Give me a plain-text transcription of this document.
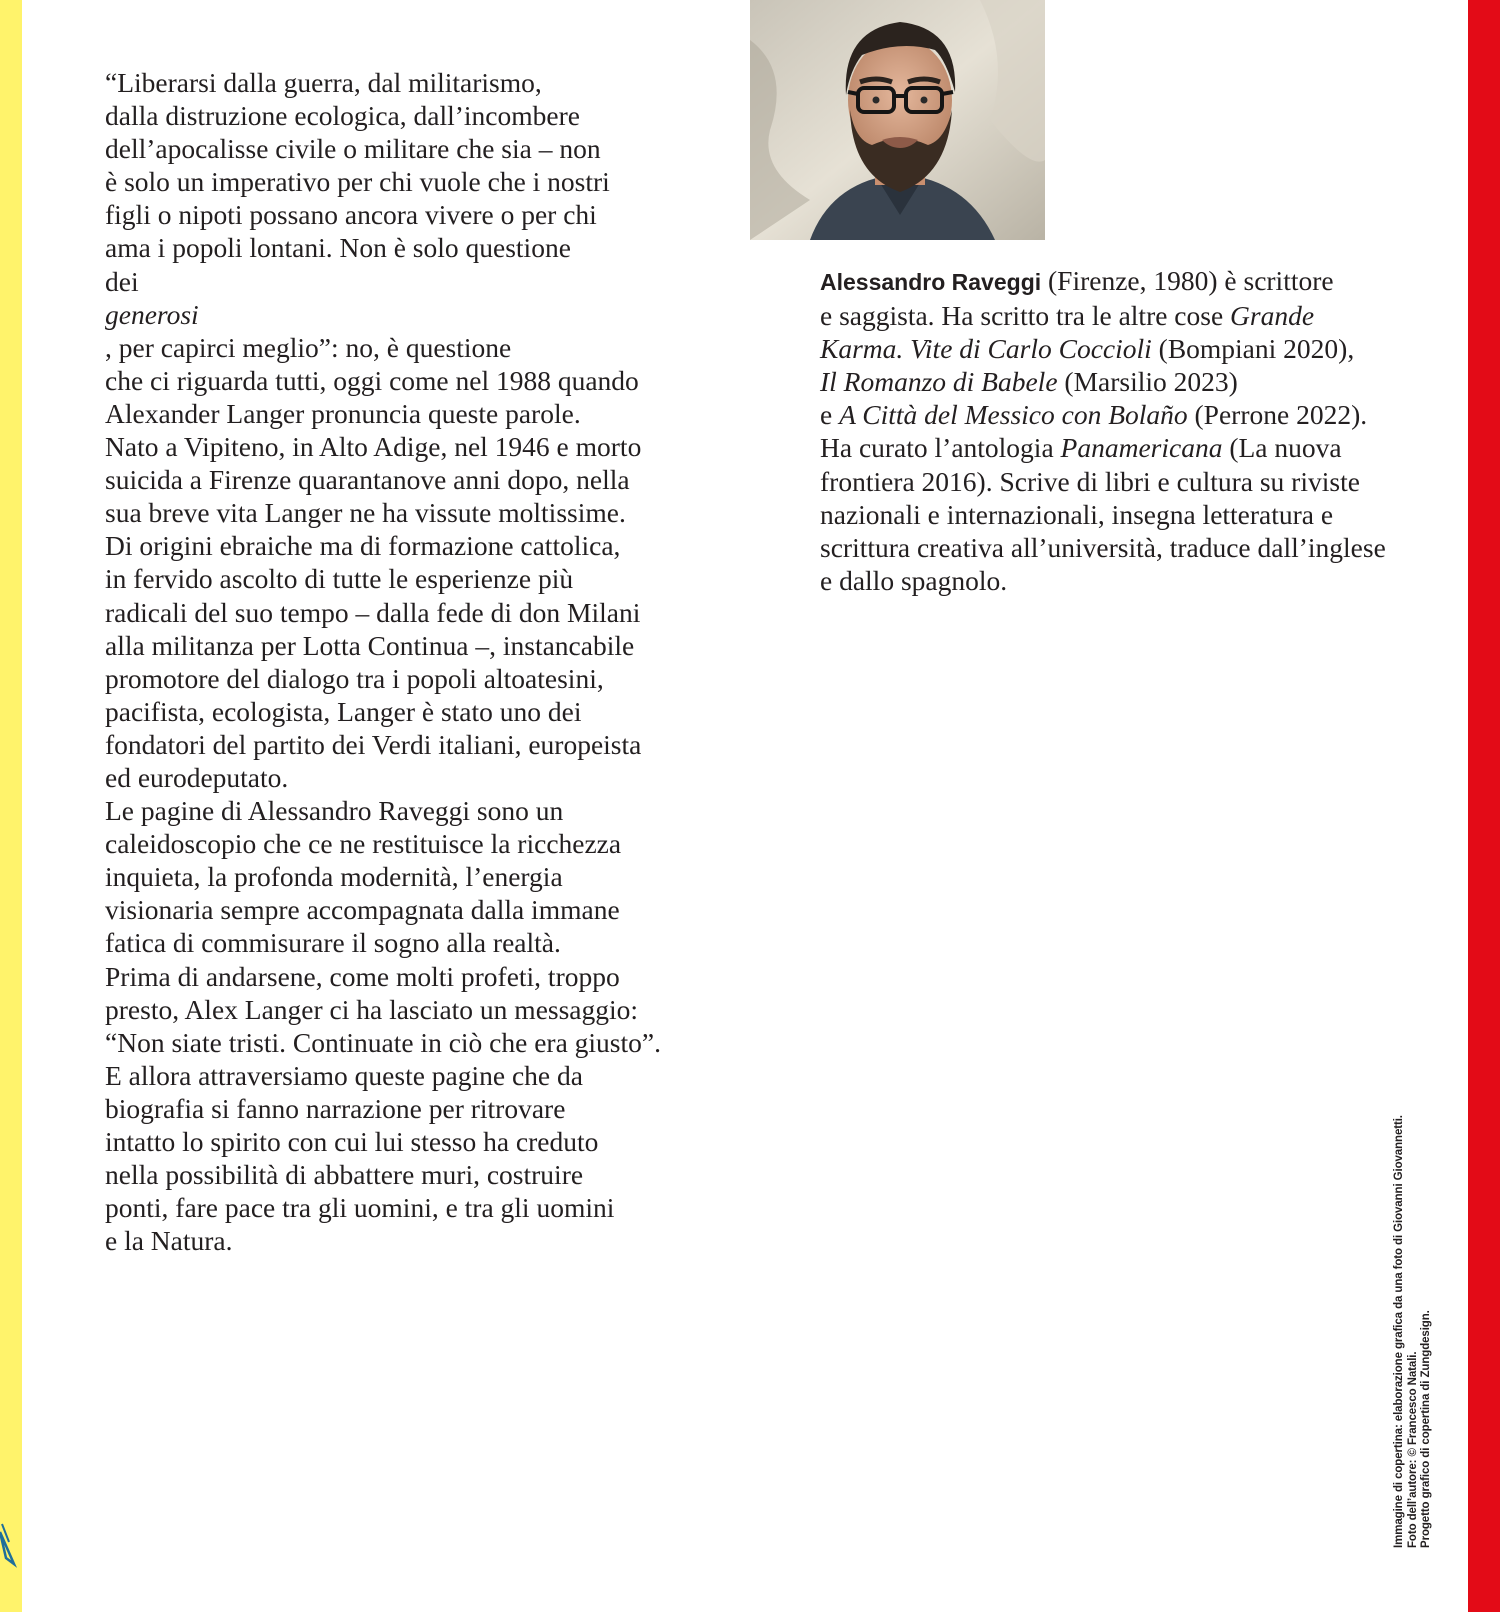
“Liberarsi dalla guerra, dal militarismo,
dalla distruzione ecologica, dall’incombere
dell’apocalisse civile o militare che sia – non
è solo un imperativo per chi vuole che i nostri
figli o nipoti possano ancora vivere o per chi
ama i popoli lontani. Non è solo questione
dei
generosi
, per capirci meglio”: no, è questione
che ci riguarda tutti, oggi come nel 1988 quando
Alexander Langer pronuncia queste parole.
Nato a Vipiteno, in Alto Adige, nel 1946 e morto
suicida a Firenze quarantanove anni dopo, nella
sua breve vita Langer ne ha vissute moltissime.
Di origini ebraiche ma di formazione cattolica,
in fervido ascolto di tutte le esperienze più
radicali del suo tempo – dalla fede di don Milani
alla militanza per Lotta Continua –, instancabile
promotore del dialogo tra i popoli altoatesini,
pacifista, ecologista, Langer è stato uno dei
fondatori del partito dei Verdi italiani, europeista
ed eurodeputato.
Le pagine di Alessandro Raveggi sono un
caleidoscopio che ce ne restituisce la ricchezza
inquieta, la profonda modernità, l’energia
visionaria sempre accompagnata dalla immane
fatica di commisurare il sogno alla realtà.
Prima di andarsene, come molti profeti, troppo
presto, Alex Langer ci ha lasciato un messaggio:
“Non siate tristi. Continuate in ciò che era giusto”.
E allora attraversiamo queste pagine che da
biografia si fanno narrazione per ritrovare
intatto lo spirito con cui lui stesso ha creduto
nella possibilità di abbattere muri, costruire
ponti, fare pace tra gli uomini, e tra gli uomini
e la Natura.
Alessandro Raveggi (Firenze, 1980) è scrittore
e saggista. Ha scritto tra le altre cose Grande
Karma. Vite di Carlo Coccioli (Bompiani 2020),
Il Romanzo di Babele (Marsilio 2023)
e A Città del Messico con Bolaño (Perrone 2022).
Ha curato l’antologia Panamericana (La nuova
frontiera 2016). Scrive di libri e cultura su riviste
nazionali e internazionali, insegna letteratura e
scrittura creativa all’università, traduce dall’inglese
e dallo spagnolo.
Immagine di copertina: elaborazione grafica da una foto di Giovanni Giovannetti. Foto dell’autore: © Francesco Natali. Progetto grafico di copertina di Zungdesign.
